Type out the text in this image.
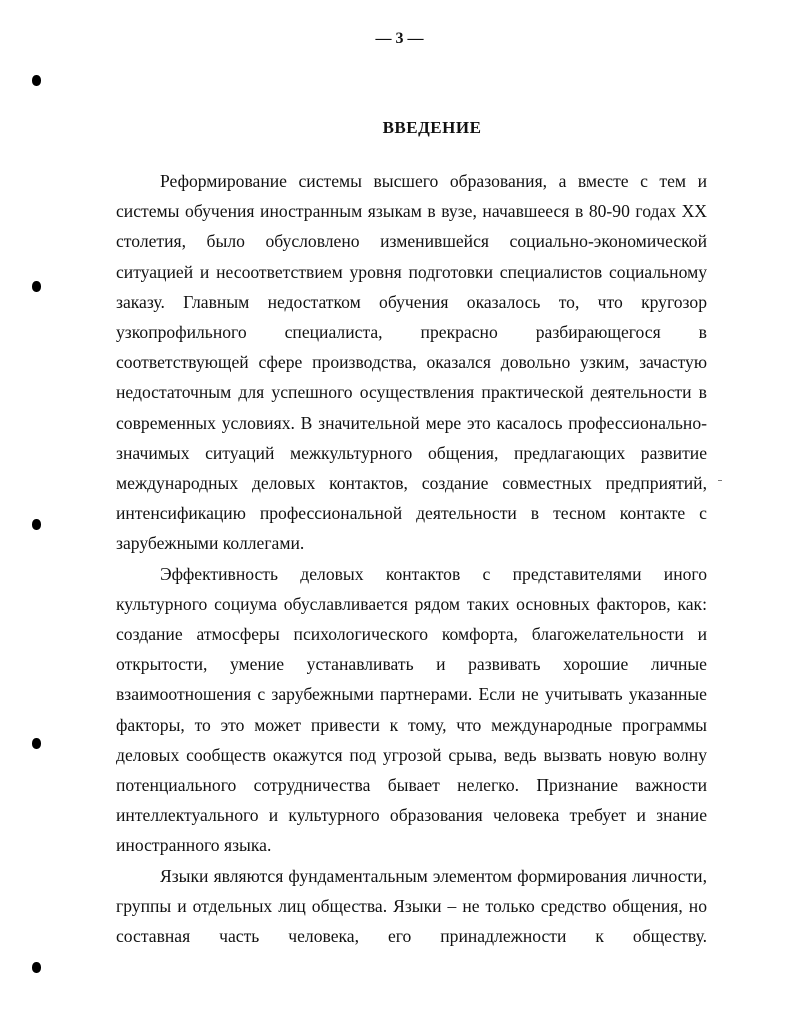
— 3 —
ВВЕДЕНИЕ

Реформирование системы высшего образования, а вместе с тем и системы обучения иностранным языкам в вузе, начавшееся в 80-90 годах XX столетия, было обусловлено изменившейся социально-экономической ситуацией и несоответствием уровня подготовки специалистов социальному заказу. Главным недостатком обучения оказалось то, что кругозор узкопрофильного специалиста, прекрасно разбирающегося в соответствующей сфере производства, оказался довольно узким, зачастую недостаточным для успешного осуществления практической деятельности в современных условиях. В значительной мере это касалось профессионально-значимых ситуаций межкультурного общения, предлагающих развитие международных деловых контактов, создание совместных предприятий, интенсификацию профессиональной деятельности в тесном контакте с зарубежными коллегами.

Эффективность деловых контактов с представителями иного культурного социума обуславливается рядом таких основных факторов, как: создание атмосферы психологического комфорта, благожелательности и открытости, умение устанавливать и развивать хорошие личные взаимоотношения с зарубежными партнерами. Если не учитывать указанные факторы, то это может привести к тому, что международные программы деловых сообществ окажутся под угрозой срыва, ведь вызвать новую волну потенциального сотрудничества бывает нелегко. Признание важности интеллектуального и культурного образования человека требует и знание иностранного языка.

Языки являются фундаментальным элементом формирования личности, группы и отдельных лиц общества. Языки – не только средство общения, но составная часть человека, его принадлежности к обществу.
